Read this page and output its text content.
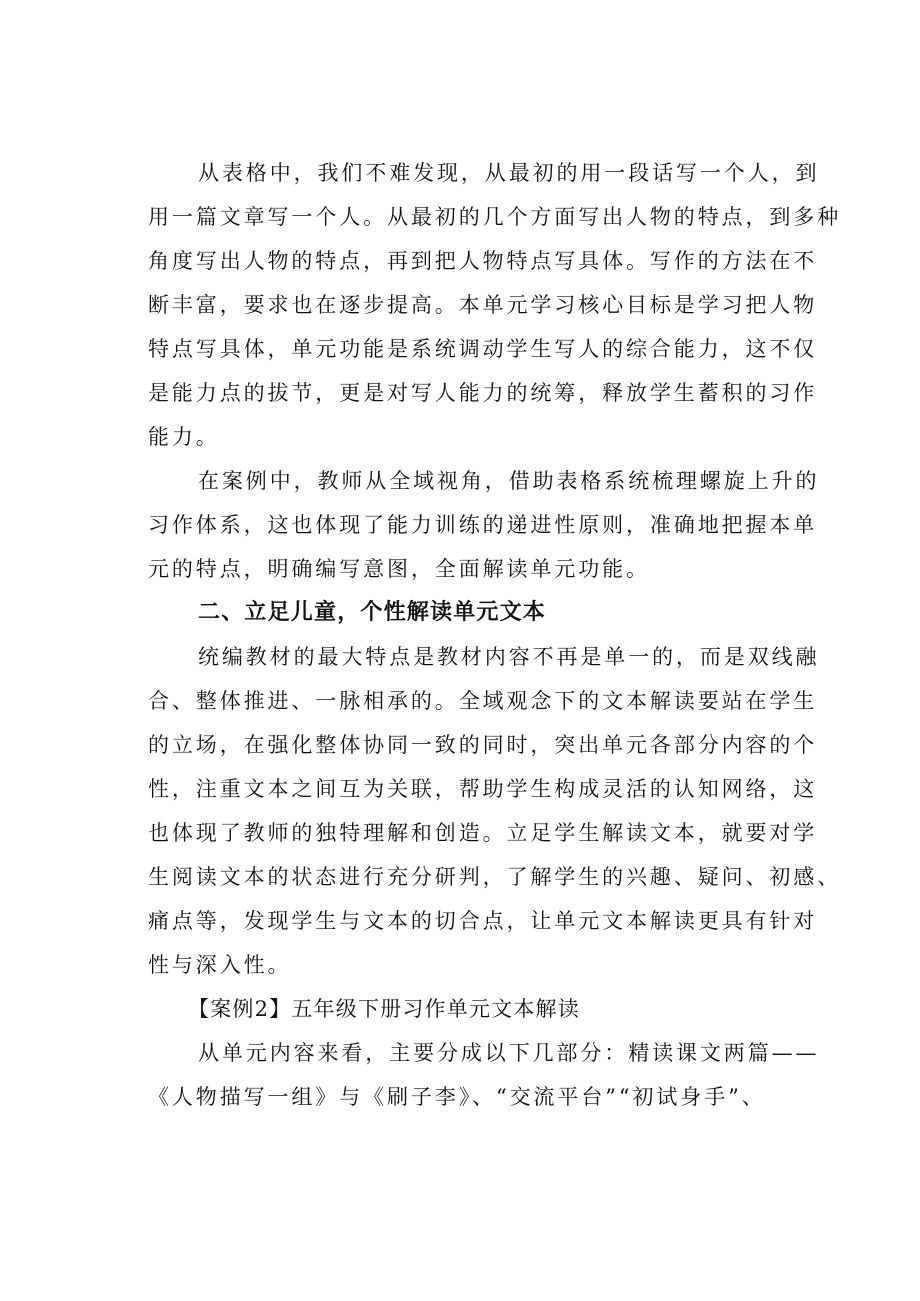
从表格中，我们不难发现，从最初的用一段话写一个人，到
用一篇文章写一个人。从最初的几个方面写出人物的特点，到多种
角度写出人物的特点，再到把人物特点写具体。写作的方法在不
断丰富，要求也在逐步提高。本单元学习核心目标是学习把人物
特点写具体，单元功能是系统调动学生写人的综合能力，这不仅
是能力点的拔节，更是对写人能力的统筹，释放学生蓄积的习作
能力。
在案例中，教师从全域视角，借助表格系统梳理螺旋上升的
习作体系，这也体现了能力训练的递进性原则，准确地把握本单
元的特点，明确编写意图，全面解读单元功能。
二、立足儿童，个性解读单元文本
统编教材的最大特点是教材内容不再是单一的，而是双线融
合、整体推进、一脉相承的。全域观念下的文本解读要站在学生
的立场，在强化整体协同一致的同时，突出单元各部分内容的个
性，注重文本之间互为关联，帮助学生构成灵活的认知网络，这
也体现了教师的独特理解和创造。立足学生解读文本，就要对学
生阅读文本的状态进行充分研判，了解学生的兴趣、疑问、初感、
痛点等，发现学生与文本的切合点，让单元文本解读更具有针对
性与深入性。
【案例2】五年级下册习作单元文本解读
从单元内容来看，主要分成以下几部分：精读课文两篇——
《人物描写一组》与《刷子李》、“交流平台”“初试身手”、
